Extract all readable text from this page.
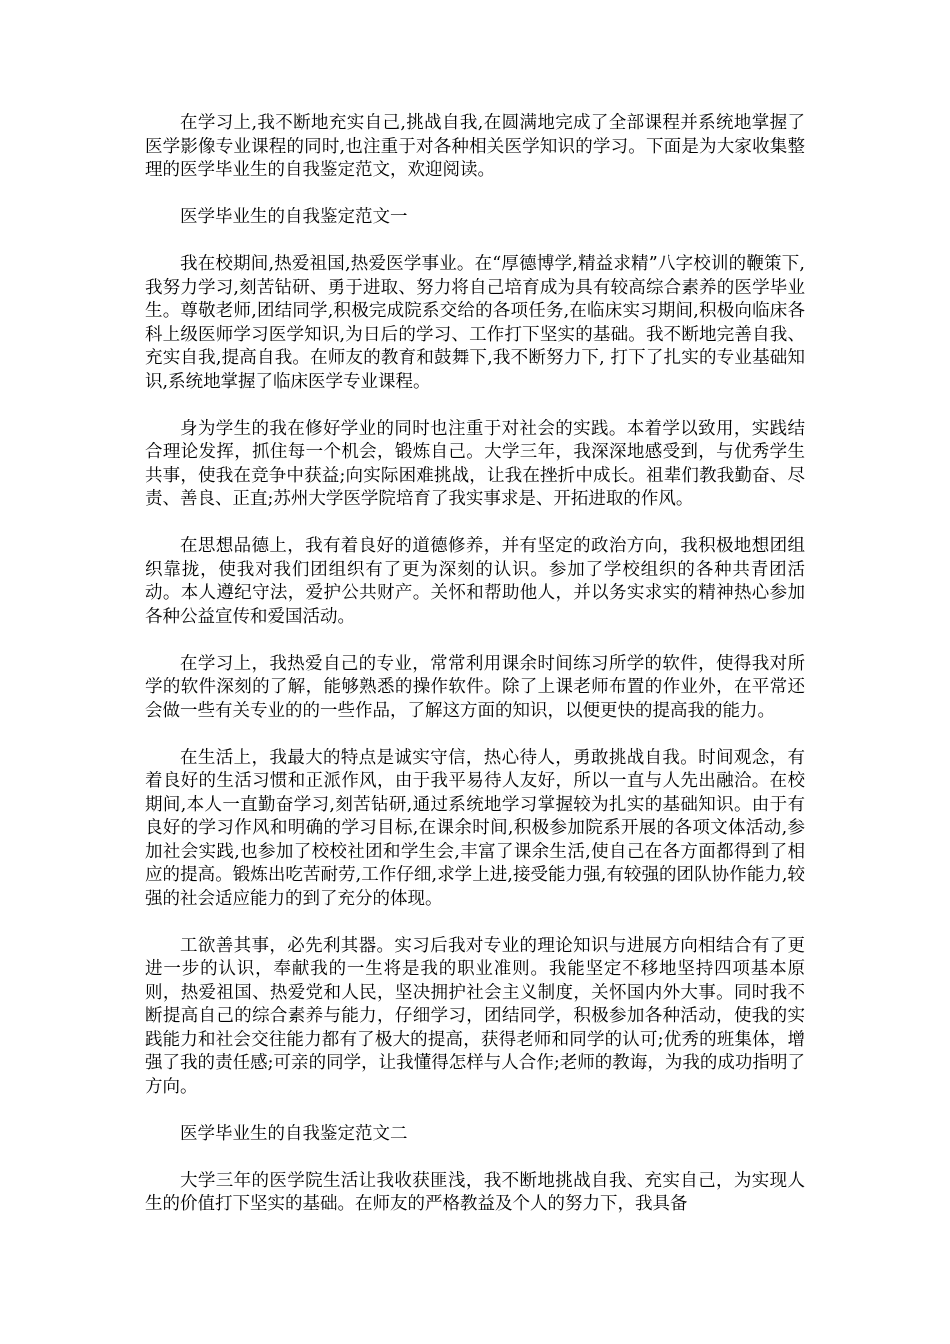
在学习上,我不断地充实自己,挑战自我,在圆满地完成了全部课程并系统地掌握了医学影像专业课程的同时,也注重于对各种相关医学知识的学习。下面是为大家收集整理的医学毕业生的自我鉴定范文，欢迎阅读。

医学毕业生的自我鉴定范文一

我在校期间,热爱祖国,热爱医学事业。在“厚德博学,精益求精”八字校训的鞭策下,我努力学习,刻苦钻研、勇于进取、努力将自己培育成为具有较高综合素养的医学毕业生。尊敬老师,团结同学,积极完成院系交给的各项任务,在临床实习期间,积极向临床各科上级医师学习医学知识,为日后的学习、工作打下坚实的基础。我不断地完善自我、充实自我,提高自我。在师友的教育和鼓舞下,我不断努力下, 打下了扎实的专业基础知识,系统地掌握了临床医学专业课程。

身为学生的我在修好学业的同时也注重于对社会的实践。本着学以致用，实践结合理论发挥，抓住每一个机会，锻炼自己。大学三年，我深深地感受到，与优秀学生共事，使我在竞争中获益;向实际困难挑战，让我在挫折中成长。祖辈们教我勤奋、尽责、善良、正直;苏州大学医学院培育了我实事求是、开拓进取的作风。

在思想品德上，我有着良好的道德修养，并有坚定的政治方向，我积极地想团组织靠拢，使我对我们团组织有了更为深刻的认识。参加了学校组织的各种共青团活动。本人遵纪守法，爱护公共财产。关怀和帮助他人，并以务实求实的精神热心参加各种公益宣传和爱国活动。

在学习上，我热爱自己的专业，常常利用课余时间练习所学的软件，使得我对所学的软件深刻的了解，能够熟悉的操作软件。除了上课老师布置的作业外，在平常还会做一些有关专业的的一些作品，了解这方面的知识，以便更快的提高我的能力。

在生活上，我最大的特点是诚实守信，热心待人，勇敢挑战自我。时间观念，有着良好的生活习惯和正派作风，由于我平易待人友好，所以一直与人先出融洽。在校期间,本人一直勤奋学习,刻苦钻研,通过系统地学习掌握较为扎实的基础知识。由于有良好的学习作风和明确的学习目标,在课余时间,积极参加院系开展的各项文体活动,参加社会实践,也参加了校校社团和学生会,丰富了课余生活,使自己在各方面都得到了相应的提高。锻炼出吃苦耐劳,工作仔细,求学上进,接受能力强,有较强的团队协作能力,较强的社会适应能力的到了充分的体现。

工欲善其事，必先利其器。实习后我对专业的理论知识与进展方向相结合有了更进一步的认识，奉献我的一生将是我的职业准则。我能坚定不移地坚持四项基本原则，热爱祖国、热爱党和人民，坚决拥护社会主义制度，关怀国内外大事。同时我不断提高自己的综合素养与能力，仔细学习，团结同学，积极参加各种活动，使我的实践能力和社会交往能力都有了极大的提高，获得老师和同学的认可;优秀的班集体，增强了我的责任感;可亲的同学，让我懂得怎样与人合作;老师的教诲，为我的成功指明了方向。

医学毕业生的自我鉴定范文二

大学三年的医学院生活让我收获匪浅，我不断地挑战自我、充实自己，为实现人生的价值打下坚实的基础。在师友的严格教益及个人的努力下，我具备
